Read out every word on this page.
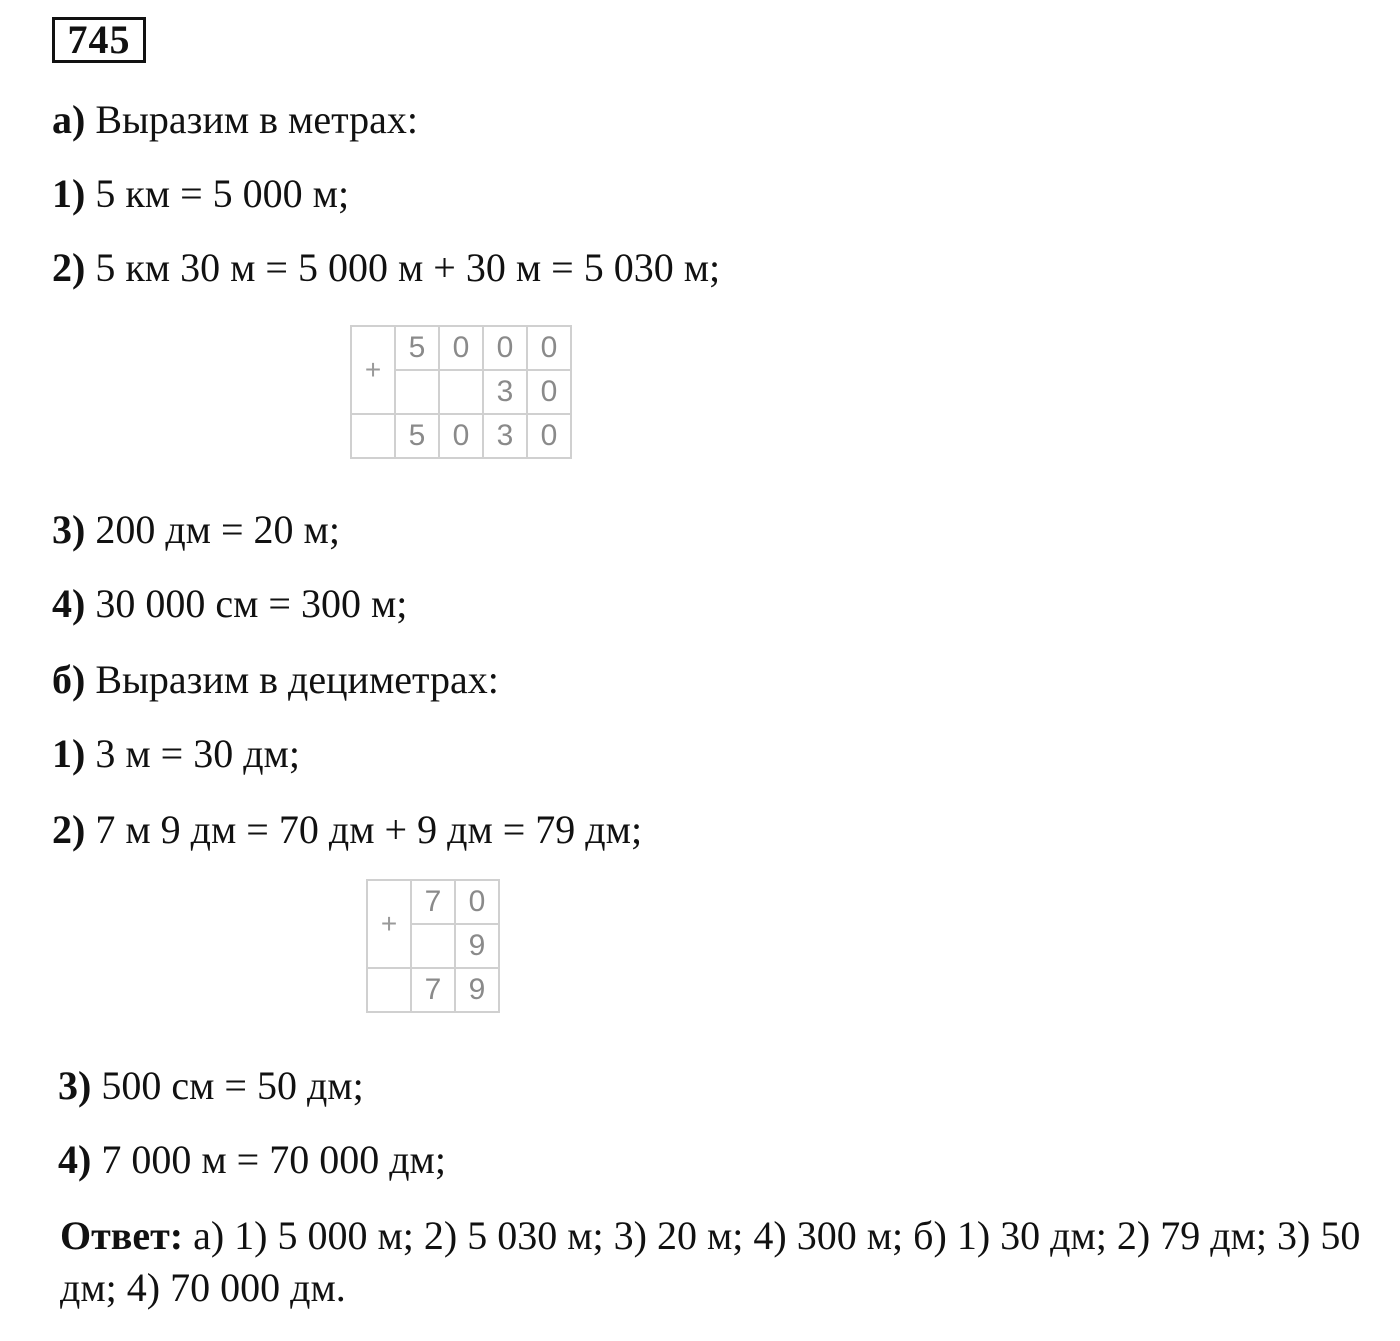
745
а) Выразим в метрах:
1) 5 км = 5 000 м;
2) 5 км 30 м = 5 000 м + 30 м = 5 030 м;
+	5	0	0	0
			3	0
	5	0	3	0
3) 200 дм = 20 м;
4) 30 000 см = 300 м;
б) Выразим в дециметрах:
1) 3 м = 30 дм;
2) 7 м 9 дм = 70 дм + 9 дм = 79 дм;
+	7	0
		9
	7	9
3) 500 см = 50 дм;
4) 7 000 м = 70 000 дм;
Ответ: а) 1) 5 000 м; 2) 5 030 м; 3) 20 м; 4) 300 м; б) 1) 30 дм; 2) 79 дм; 3) 50 дм; 4) 70 000 дм.
